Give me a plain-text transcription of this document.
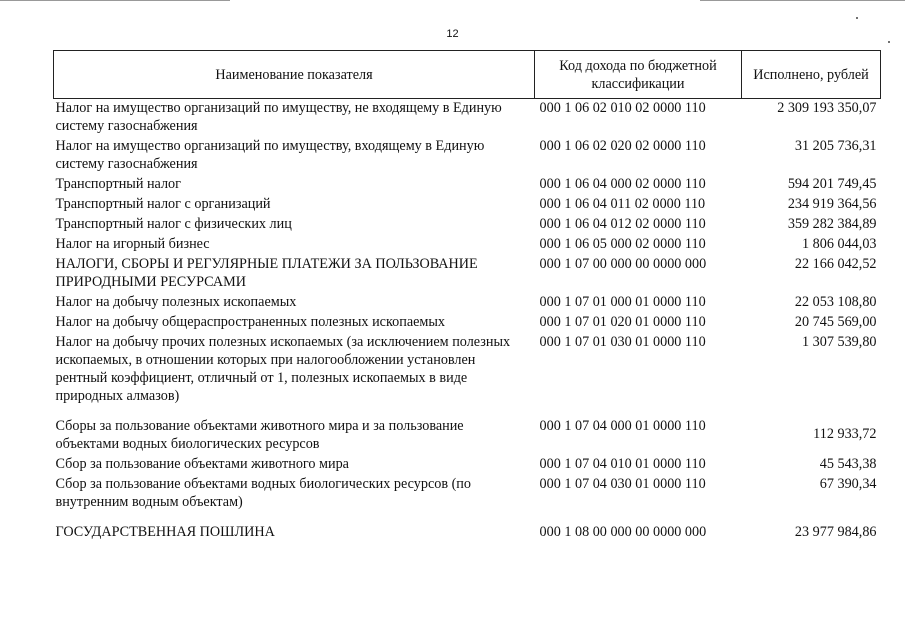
12
Наименование показателя	Код дохода по бюджетной классификации	Исполнено, рублей
Налог на имущество организаций по имуществу, не входящему в Единую систему газоснабжения	000 1 06 02 010 02 0000 110	2 309 193 350,07
Налог на имущество организаций по имуществу, входящему в Единую систему газоснабжения	000 1 06 02 020 02 0000 110	31 205 736,31
Транспортный налог	000 1 06 04 000 02 0000 110	594 201 749,45
Транспортный налог с организаций	000 1 06 04 011 02 0000 110	234 919 364,56
Транспортный налог с физических лиц	000 1 06 04 012 02 0000 110	359 282 384,89
Налог на игорный бизнес	000 1 06 05 000 02 0000 110	1 806 044,03
НАЛОГИ, СБОРЫ И РЕГУЛЯРНЫЕ ПЛАТЕЖИ ЗА ПОЛЬЗОВАНИЕ ПРИРОДНЫМИ РЕСУРСАМИ	000 1 07 00 000 00 0000 000	22 166 042,52
Налог на добычу полезных ископаемых	000 1 07 01 000 01 0000 110	22 053 108,80
Налог на добычу общераспространенных полезных ископаемых	000 1 07 01 020 01 0000 110	20 745 569,00
Налог на добычу прочих полезных ископаемых (за исключением полезных ископаемых, в отношении которых при налогообложении установлен рентный коэффициент, отличный от 1, полезных ископаемых в виде природных алмазов)	000 1 07 01 030 01 0000 110	1 307 539,80
Сборы за пользование объектами животного мира и за пользование объектами водных биологических ресурсов	000 1 07 04 000 01 0000 110	112 933,72
Сбор за пользование объектами животного мира	000 1 07 04 010 01 0000 110	45 543,38
Сбор за пользование объектами водных биологических ресурсов (по внутренним водным объектам)	000 1 07 04 030 01 0000 110	67 390,34
ГОСУДАРСТВЕННАЯ ПОШЛИНА	000 1 08 00 000 00 0000 000	23 977 984,86
